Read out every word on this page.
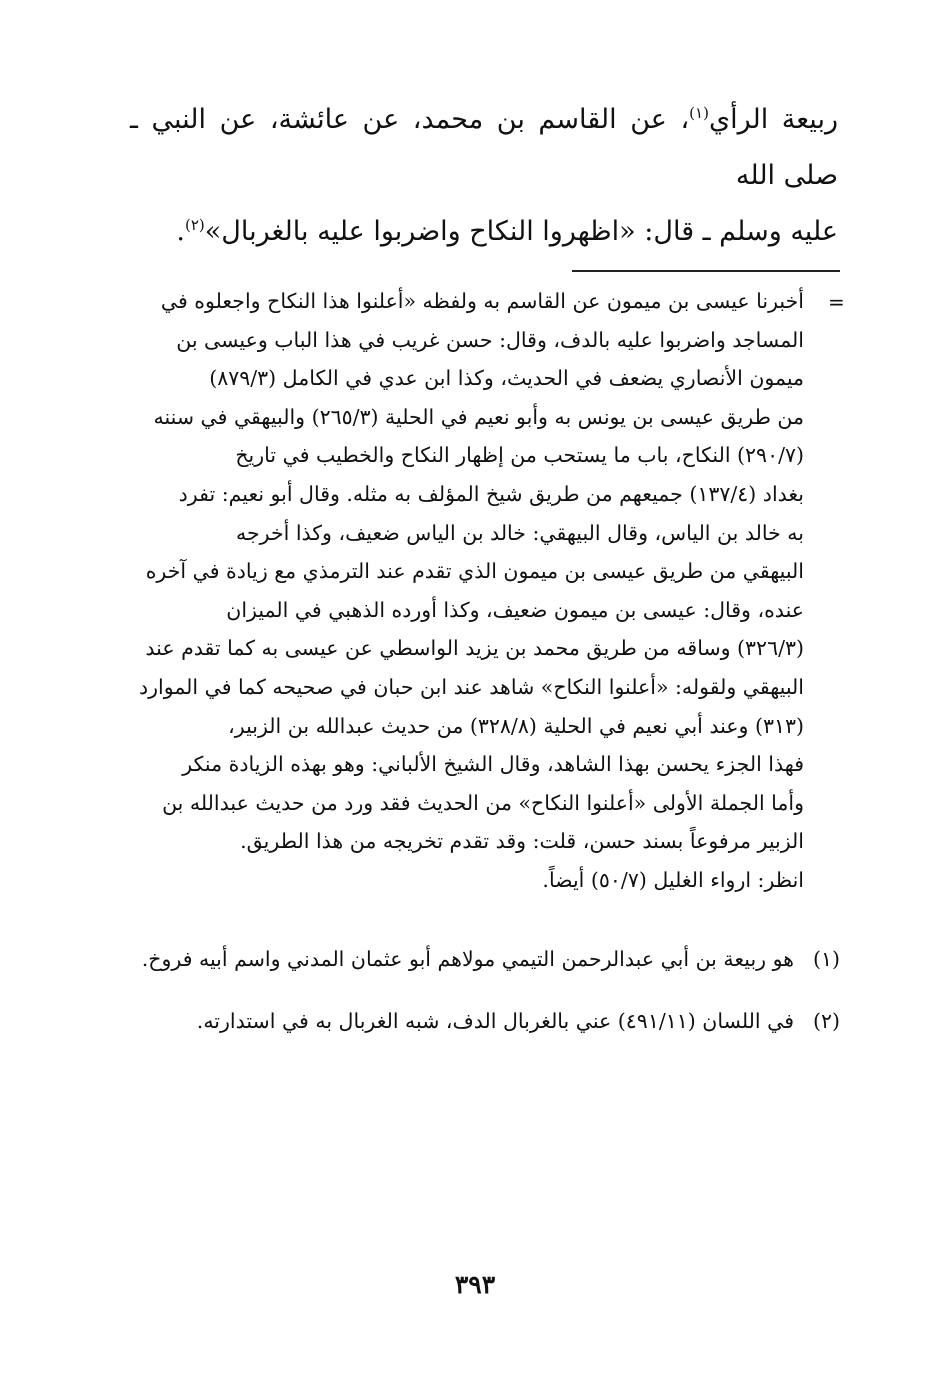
ربيعة الرأي$^{(١)}$، عن القاسم بن محمد، عن عائشة، عن النبي ـ صلى الله

عليه وسلم ـ قال: «اظهروا النكاح واضربوا عليه بالغربال»$^{(٢)}$.

=

أخبرنا عيسى بن ميمون عن القاسم به ولفظه «أعلنوا هذا النكاح واجعلوه في

المساجد واضربوا عليه بالدف، وقال: حسن غريب في هذا الباب وعيسى بن

ميمون الأنصاري يضعف في الحديث، وكذا ابن عدي في الكامل (٨٧٩/٣)

من طريق عيسى بن يونس به وأبو نعيم في الحلية (٢٦٥/٣) والبيهقي في سننه

(٢٩٠/٧) النكاح، باب ما يستحب من إظهار النكاح والخطيب في تاريخ

بغداد (١٣٧/٤) جميعهم من طريق شيخ المؤلف به مثله. وقال أبو نعيم: تفرد

به خالد بن الياس، وقال البيهقي: خالد بن الياس ضعيف، وكذا أخرجه

البيهقي من طريق عيسى بن ميمون الذي تقدم عند الترمذي مع زيادة في آخره

عنده، وقال: عيسى بن ميمون ضعيف، وكذا أورده الذهبي في الميزان

(٣٢٦/٣) وساقه من طريق محمد بن يزيد الواسطي عن عيسى به كما تقدم عند

البيهقي ولقوله: «أعلنوا النكاح» شاهد عند ابن حبان في صحيحه كما في الموارد

(٣١٣) وعند أبي نعيم في الحلية (٣٢٨/٨) من حديث عبدالله بن الزبير،

فهذا الجزء يحسن بهذا الشاهد، وقال الشيخ الألباني: وهو بهذه الزيادة منكر

وأما الجملة الأولى «أعلنوا النكاح» من الحديث فقد ورد من حديث عبدالله بن

الزبير مرفوعاً بسند حسن، قلت: وقد تقدم تخريجه من هذا الطريق.

انظر: ارواء الغليل (٥٠/٧) أيضاً.

(١)
هو ربيعة بن أبي عبدالرحمن التيمي مولاهم أبو عثمان المدني واسم أبيه فروخ.
(٢)
في اللسان (٤٩١/١١) عني بالغربال الدف، شبه الغربال به في استدارته.
٣٩٣
